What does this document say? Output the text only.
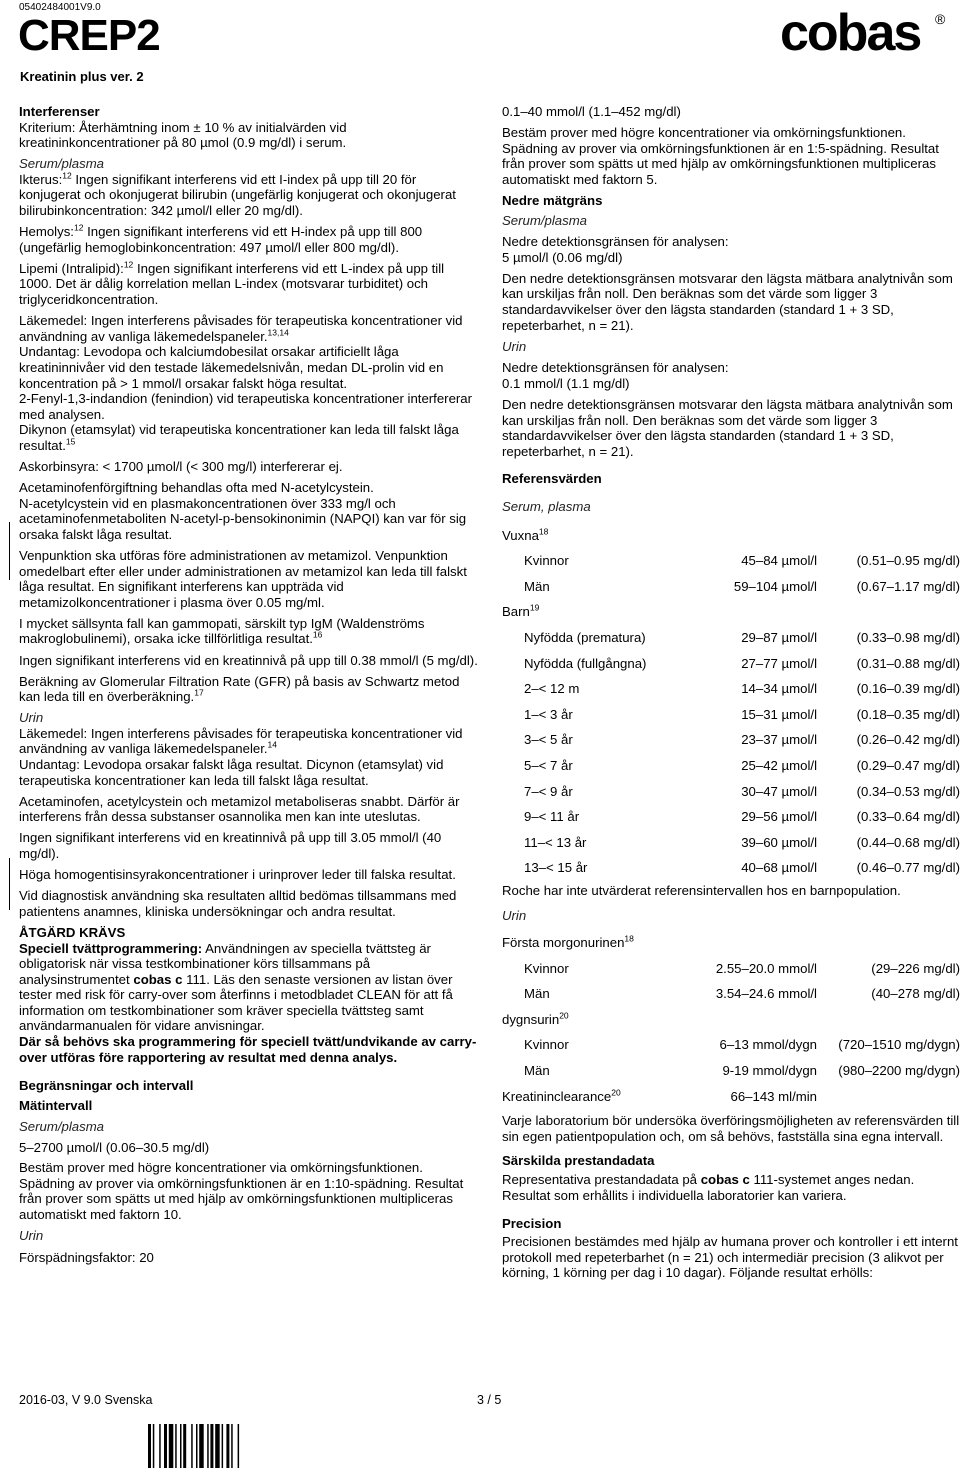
05402484001V9.0
CREP2
Kreatinin plus ver. 2
cobas ®
Interferenser

Kriterium: Återhämtning inom ± 10 % av initialvärden vid kreatininkoncentrationer på 80 µmol (0.9 mg/dl) i serum.

Serum/plasma

Ikterus:$^{12}$ Ingen signifikant interferens vid ett I-index på upp till 20 för konjugerat och okonjugerat bilirubin (ungefärlig konjugerat och okonjugerat bilirubinkoncentration: 342 µmol/l eller 20 mg/dl).

Hemolys:$^{12}$ Ingen signifikant interferens vid ett H-index på upp till 800 (ungefärlig hemoglobinkoncentration: 497 µmol/l eller 800 mg/dl).

Lipemi (Intralipid):$^{12}$ Ingen signifikant interferens vid ett L-index på upp till 1000. Det är dålig korrelation mellan L-index (motsvarar turbiditet) och triglyceridkoncentration.

Läkemedel: Ingen interferens påvisades för terapeutiska koncentrationer vid användning av vanliga läkemedelspaneler.$^{13,14}$
Undantag: Levodopa och kalciumdobesilat orsakar artificiellt låga kreatininnivåer vid den testade läkemedelsnivån, medan DL-prolin vid en koncentration på > 1 mmol/l orsakar falskt höga resultat.
2-Fenyl-1,3-indandion (fenindion) vid terapeutiska koncentrationer interfererar med analysen.

Dikynon (etamsylat) vid terapeutiska koncentrationer kan leda till falskt låga resultat.$^{15}$

Askorbinsyra: < 1700 µmol/l (< 300 mg/l) interfererar ej.

Acetaminofenförgiftning behandlas ofta med N-acetylcystein.

N-acetylcystein vid en plasmakoncentrationen över 333 mg/l och acetaminofenmetaboliten N-acetyl-p-bensokinonimin (NAPQI) kan var för sig orsaka falskt låga resultat.

Venpunktion ska utföras före administrationen av metamizol. Venpunktion omedelbart efter eller under administrationen av metamizol kan leda till falskt låga resultat. En signifikant interferens kan uppträda vid metamizolkoncentrationer i plasma över 0.05 mg/ml.

I mycket sällsynta fall kan gammopati, särskilt typ IgM (Waldenströms makroglobulinemi), orsaka icke tillförlitliga resultat.$^{16}$

Ingen signifikant interferens vid en kreatinnivå på upp till 0.38 mmol/l (5 mg/dl).

Beräkning av Glomerular Filtration Rate (GFR) på basis av Schwartz metod kan leda till en överberäkning.$^{17}$

Urin
Läkemedel: Ingen interferens påvisades för terapeutiska koncentrationer vid användning av vanliga läkemedelspaneler.$^{14}$

Undantag: Levodopa orsakar falskt låga resultat. Dicynon (etamsylat) vid terapeutiska koncentrationer kan leda till falskt låga resultat.

Acetaminofen, acetylcystein och metamizol metaboliseras snabbt. Därför är interferens från dessa substanser osannolika men kan inte uteslutas.

Ingen signifikant interferens vid en kreatinnivå på upp till 3.05 mmol/l (40 mg/dl).

Höga homogentisinsyrakoncentrationer i urinprover leder till falska resultat.

Vid diagnostisk användning ska resultaten alltid bedömas tillsammans med patientens anamnes, kliniska undersökningar och andra resultat.

ÅTGÄRD KRÄVS
Speciell tvättprogrammering: Användningen av speciella tvättsteg är obligatorisk när vissa testkombinationer körs tillsammans på analysinstrumentet cobas c 111. Läs den senaste versionen av listan över tester med risk för carry-over som återfinns i metodbladet CLEAN för att få information om testkombinationer som kräver speciella tvättsteg samt användarmanualen för vidare anvisningar.

Där så behövs ska programmering för speciell tvätt/undvikande av carry-over utföras före rapportering av resultat med denna analys.

Begränsningar och intervall
Mätintervall
Serum/plasma
5–2700 µmol/l (0.06–30.5 mg/dl)

Bestäm prover med högre koncentrationer via omkörningsfunktionen. Spädning av prover via omkörningsfunktionen är en 1:10-spädning. Resultat från prover som spätts ut med hjälp av omkörningsfunktionen multipliceras automatiskt med faktorn 10.

Urin
Förspädningsfaktor: 20

0.1–40 mmol/l (1.1–452 mg/dl)

Bestäm prover med högre koncentrationer via omkörningsfunktionen. Spädning av prover via omkörningsfunktionen är en 1:5-spädning. Resultat från prover som spätts ut med hjälp av omkörningsfunktionen multipliceras automatiskt med faktorn 5.

Nedre mätgräns
Serum/plasma
Nedre detektionsgränsen för analysen:

5 µmol/l (0.06 mg/dl)

Den nedre detektionsgränsen motsvarar den lägsta mätbara analytnivån som kan urskiljas från noll. Den beräknas som det värde som ligger 3 standardavvikelser över den lägsta standarden (standard 1 + 3 SD, repeterbarhet, n = 21).

Urin
Nedre detektionsgränsen för analysen:

0.1 mmol/l (1.1 mg/dl)

Den nedre detektionsgränsen motsvarar den lägsta mätbara analytnivån som kan urskiljas från noll. Den beräknas som det värde som ligger 3 standardavvikelser över den lägsta standarden (standard 1 + 3 SD, repeterbarhet, n = 21).

Referensvärden
Serum, plasma
Vuxna$^{18}$
Kvinnor	45–84 µmol/l	(0.51–0.95 mg/dl)
Män	59–104 µmol/l	(0.67–1.17 mg/dl)
Barn$^{19}$
Nyfödda (prematura)	29–87 µmol/l	(0.33–0.98 mg/dl)
Nyfödda (fullgångna)	27–77 µmol/l	(0.31–0.88 mg/dl)
2–< 12 m	14–34 µmol/l	(0.16–0.39 mg/dl)
1–< 3 år	15–31 µmol/l	(0.18–0.35 mg/dl)
3–< 5 år	23–37 µmol/l	(0.26–0.42 mg/dl)
5–< 7 år	25–42 µmol/l	(0.29–0.47 mg/dl)
7–< 9 år	30–47 µmol/l	(0.34–0.53 mg/dl)
9–< 11 år	29–56 µmol/l	(0.33–0.64 mg/dl)
11–< 13 år	39–60 µmol/l	(0.44–0.68 mg/dl)
13–< 15 år	40–68 µmol/l	(0.46–0.77 mg/dl)

Roche har inte utvärderat referensintervallen hos en barnpopulation.

Urin
Första morgonurinen$^{18}$
Kvinnor	2.55–20.0 mmol/l	(29–226 mg/dl)
Män	3.54–24.6 mmol/l	(40–278 mg/dl)
dygnsurin$^{20}$
Kvinnor	6–13 mmol/dygn	(720–1510 mg/dygn)
Män	9-19 mmol/dygn	(980–2200 mg/dygn)
Kreatininclearance$^{20}$	66–143 ml/min	

Varje laboratorium bör undersöka överföringsmöjligheten av referensvärden till sin egen patientpopulation och, om så behövs, fastställa sina egna intervall.

Särskilda prestandadata

Representativa prestandadata på cobas c 111-systemet anges nedan. Resultat som erhållits i individuella laboratorier kan variera.

Precision

Precisionen bestämdes med hjälp av humana prover och kontroller i ett internt protokoll med repeterbarhet (n = 21) och intermediär precision (3 alikvot per körning, 1 körning per dag i 10 dagar). Följande resultat erhölls:

2016-03, V 9.0 Svenska	3 / 5
